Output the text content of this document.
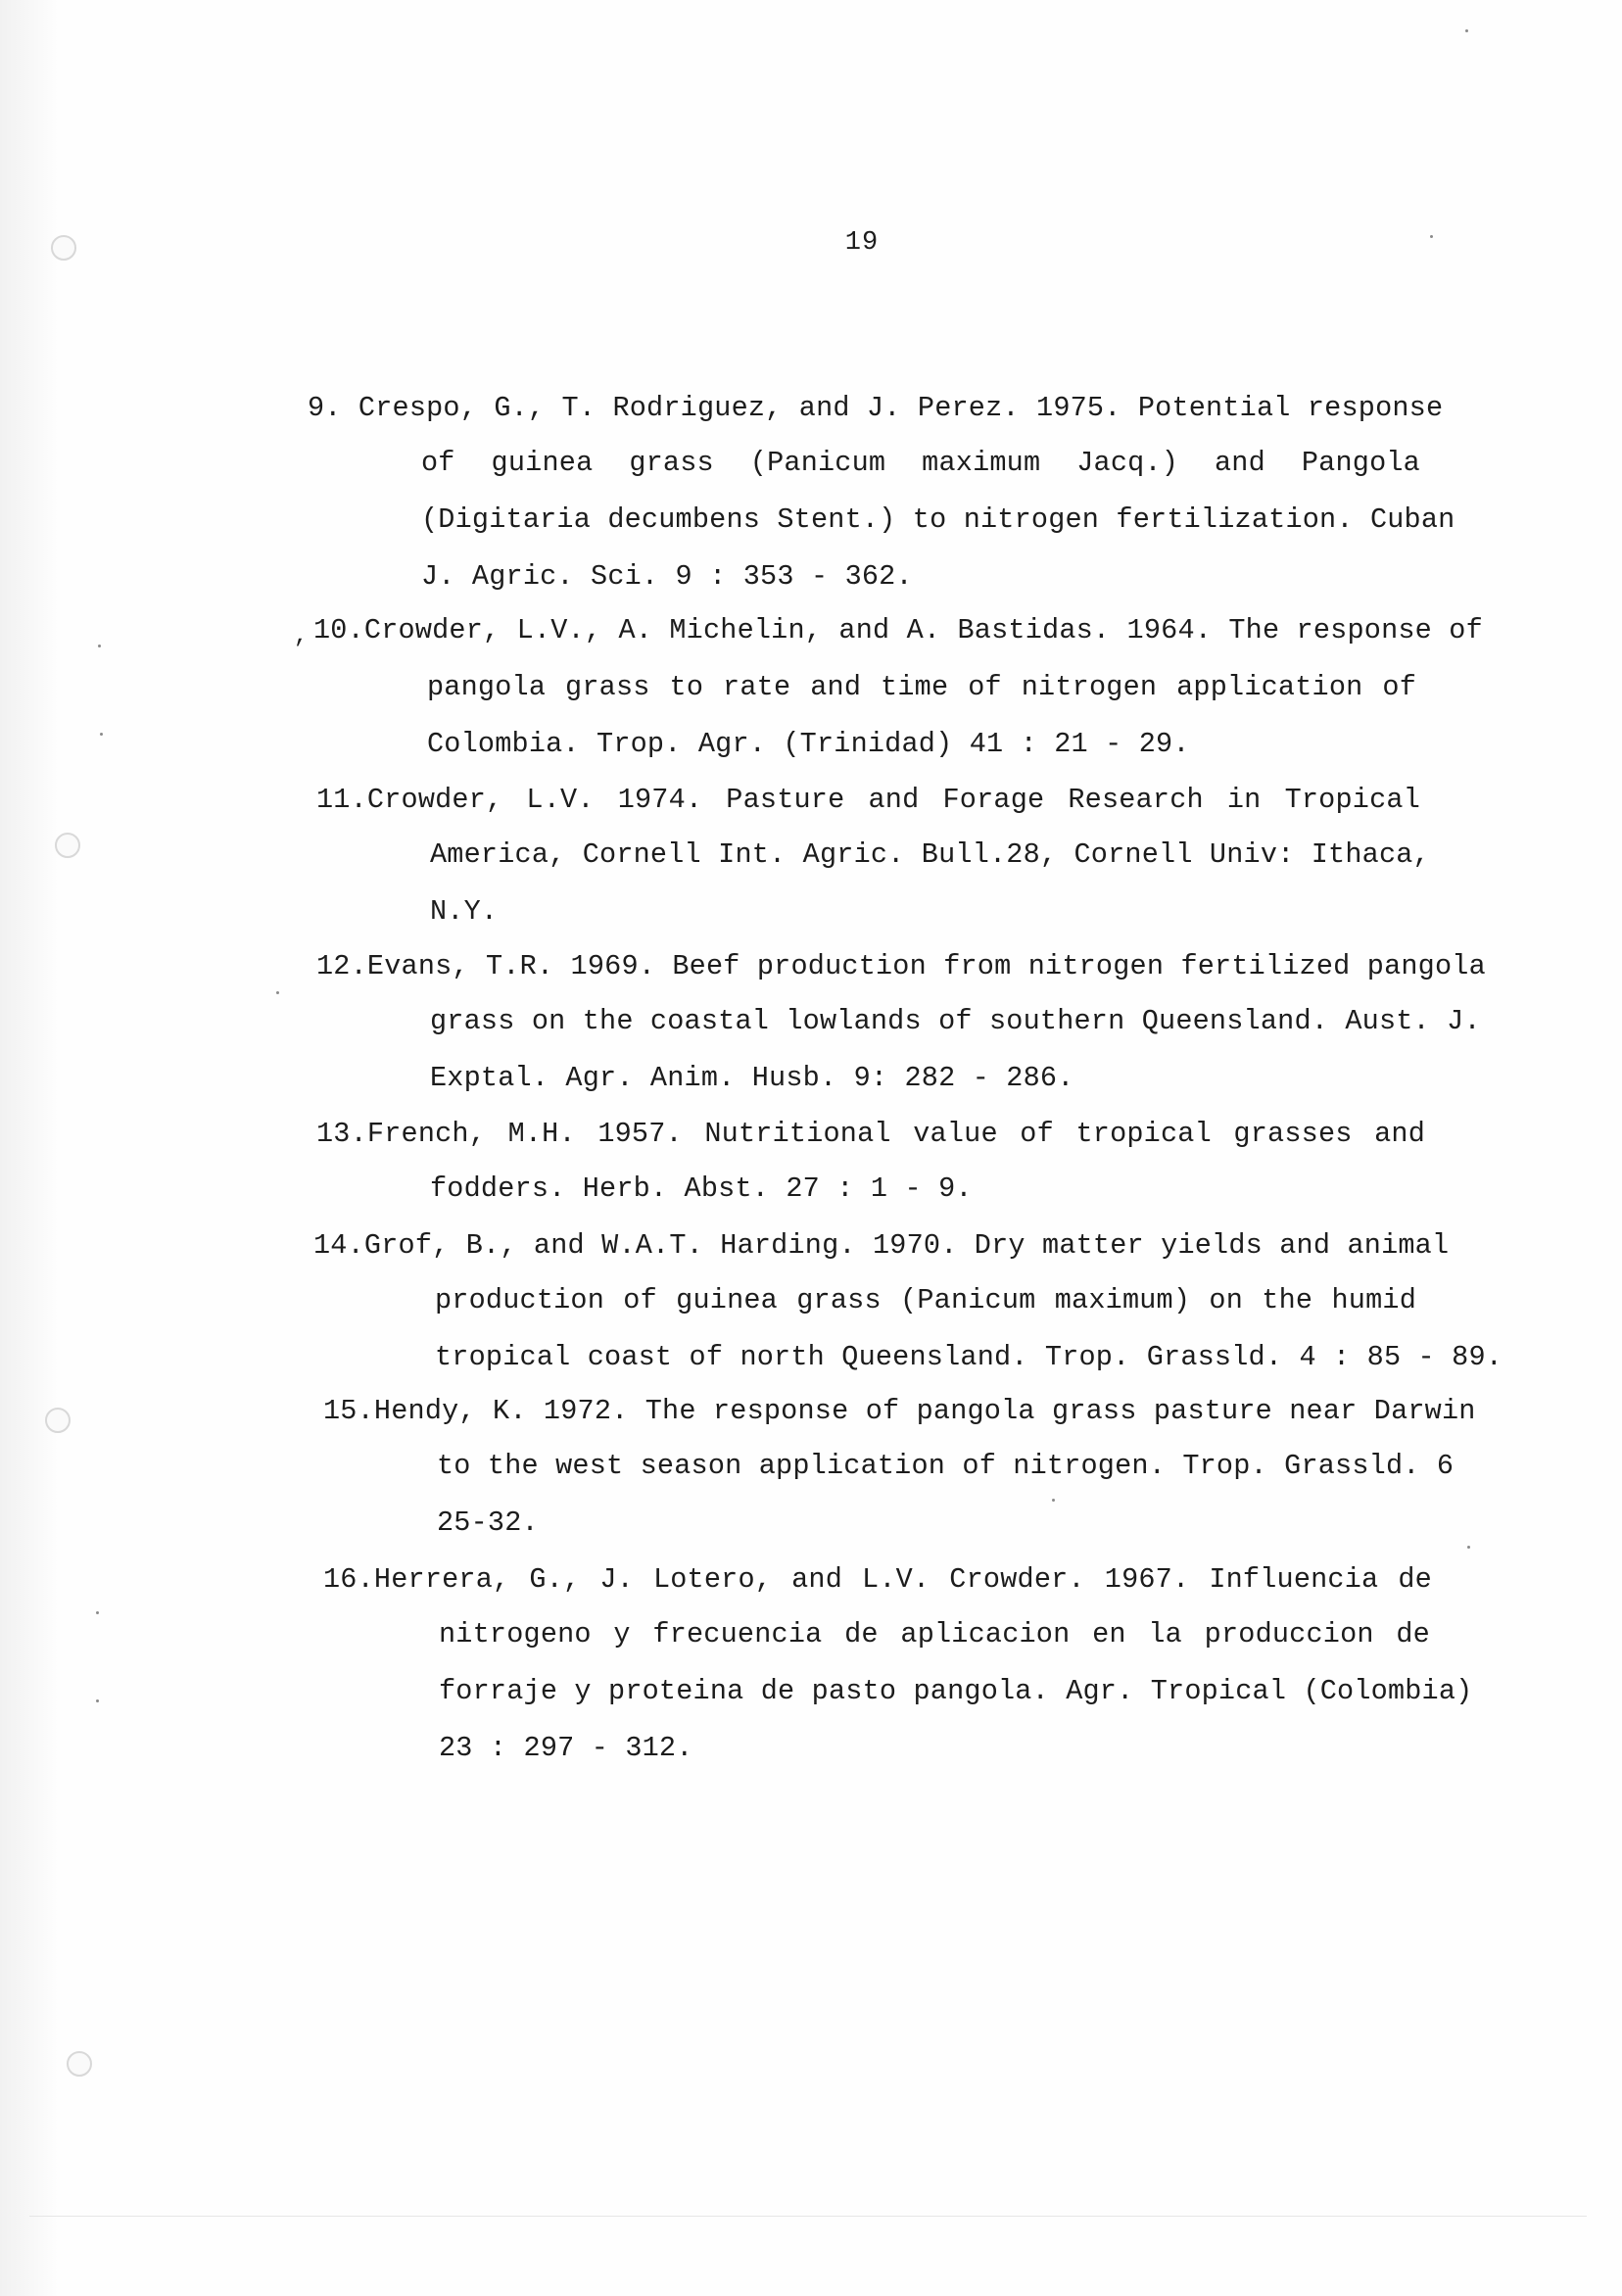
19
9. Crespo, G., T. Rodriguez, and J. Perez. 1975. Potential response
of guinea grass (Panicum maximum Jacq.) and Pangola
(Digitaria decumbens Stent.) to nitrogen fertilization. Cuban
J. Agric. Sci. 9 : 353 - 362.
, 10.Crowder, L.V., A. Michelin, and A. Bastidas. 1964. The response of
pangola grass to rate and time of nitrogen application of
Colombia. Trop. Agr. (Trinidad) 41 : 21 - 29.
11.Crowder, L.V. 1974. Pasture and Forage Research in Tropical
America, Cornell Int. Agric. Bull.28, Cornell Univ: Ithaca,
N.Y.
12.Evans, T.R. 1969. Beef production from nitrogen fertilized pangola
grass on the coastal lowlands of southern Queensland. Aust. J.
Exptal. Agr. Anim. Husb. 9: 282 - 286.
13.French, M.H. 1957. Nutritional value of tropical grasses and
fodders. Herb. Abst. 27 : 1 - 9.
14.Grof, B., and W.A.T. Harding. 1970. Dry matter yields and animal
production of guinea grass (Panicum maximum) on the humid
tropical coast of north Queensland. Trop. Grassld. 4 : 85 - 89.
15.Hendy, K. 1972. The response of pangola grass pasture near Darwin
to the west season application of nitrogen. Trop. Grassld. 6
25-32.
16.Herrera, G., J. Lotero, and L.V. Crowder. 1967. Influencia de
nitrogeno y frecuencia de aplicacion en la produccion de
forraje y proteina de pasto pangola. Agr. Tropical (Colombia)
23 : 297 - 312.
